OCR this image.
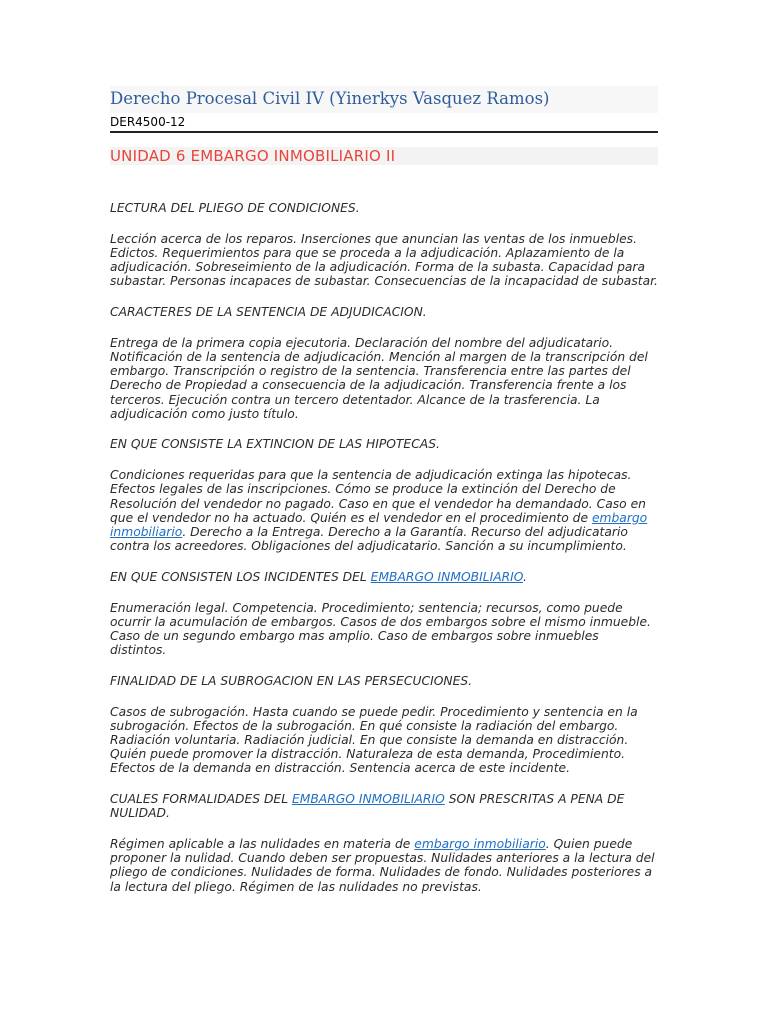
Derecho Procesal Civil IV (Yinerkys Vasquez Ramos)
DER4500-12
UNIDAD 6 EMBARGO INMOBILIARIO II

LECTURA DEL PLIEGO DE CONDICIONES.

Lección acerca de los reparos. Inserciones que anuncian las ventas de los inmuebles. Edictos. Requerimientos para que se proceda a la adjudicación. Aplazamiento de la adjudicación. Sobreseimiento de la adjudicación. Forma de la subasta. Capacidad para subastar. Personas incapaces de subastar. Consecuencias de la incapacidad de subastar.

CARACTERES DE LA SENTENCIA DE ADJUDICACION.

Entrega de la primera copia ejecutoria. Declaración del nombre del adjudicatario. Notificación de la sentencia de adjudicación. Mención al margen de la transcripción del embargo. Transcripción o registro de la sentencia. Transferencia entre las partes del Derecho de Propiedad a consecuencia de la adjudicación. Transferencia frente a los terceros. Ejecución contra un tercero detentador. Alcance de la trasferencia. La adjudicación como justo título.

EN QUE CONSISTE LA EXTINCION DE LAS HIPOTECAS.

Condiciones requeridas para que la sentencia de adjudicación extinga las hipotecas. Efectos legales de las inscripciones. Cómo se produce la extinción del Derecho de Resolución del vendedor no pagado. Caso en que el vendedor ha demandado. Caso en que el vendedor no ha actuado. Quién es el vendedor en el procedimiento de embargo inmobiliario. Derecho a la Entrega. Derecho a la Garantía. Recurso del adjudicatario contra los acreedores. Obligaciones del adjudicatario. Sanción a su incumplimiento.

EN QUE CONSISTEN LOS INCIDENTES DEL EMBARGO INMOBILIARIO.

Enumeración legal. Competencia. Procedimiento; sentencia; recursos, como puede ocurrir la acumulación de embargos. Casos de dos embargos sobre el mismo inmueble. Caso de un segundo embargo mas amplio. Caso de embargos sobre inmuebles distintos.

FINALIDAD DE LA SUBROGACION EN LAS PERSECUCIONES.

Casos de subrogación. Hasta cuando se puede pedir. Procedimiento y sentencia en la subrogación. Efectos de la subrogación. En qué consiste la radiación del embargo. Radiación voluntaria. Radiación judicial. En que consiste la demanda en distracción. Quién puede promover la distracción. Naturaleza de esta demanda, Procedimiento. Efectos de la demanda en distracción. Sentencia acerca de este incidente.

CUALES FORMALIDADES DEL EMBARGO INMOBILIARIO SON PRESCRITAS A PENA DE NULIDAD.

Régimen aplicable a las nulidades en materia de embargo inmobiliario. Quien puede proponer la nulidad. Cuando deben ser propuestas. Nulidades anteriores a la lectura del pliego de condiciones. Nulidades de forma. Nulidades de fondo. Nulidades posteriores a la lectura del pliego. Régimen de las nulidades no previstas.
